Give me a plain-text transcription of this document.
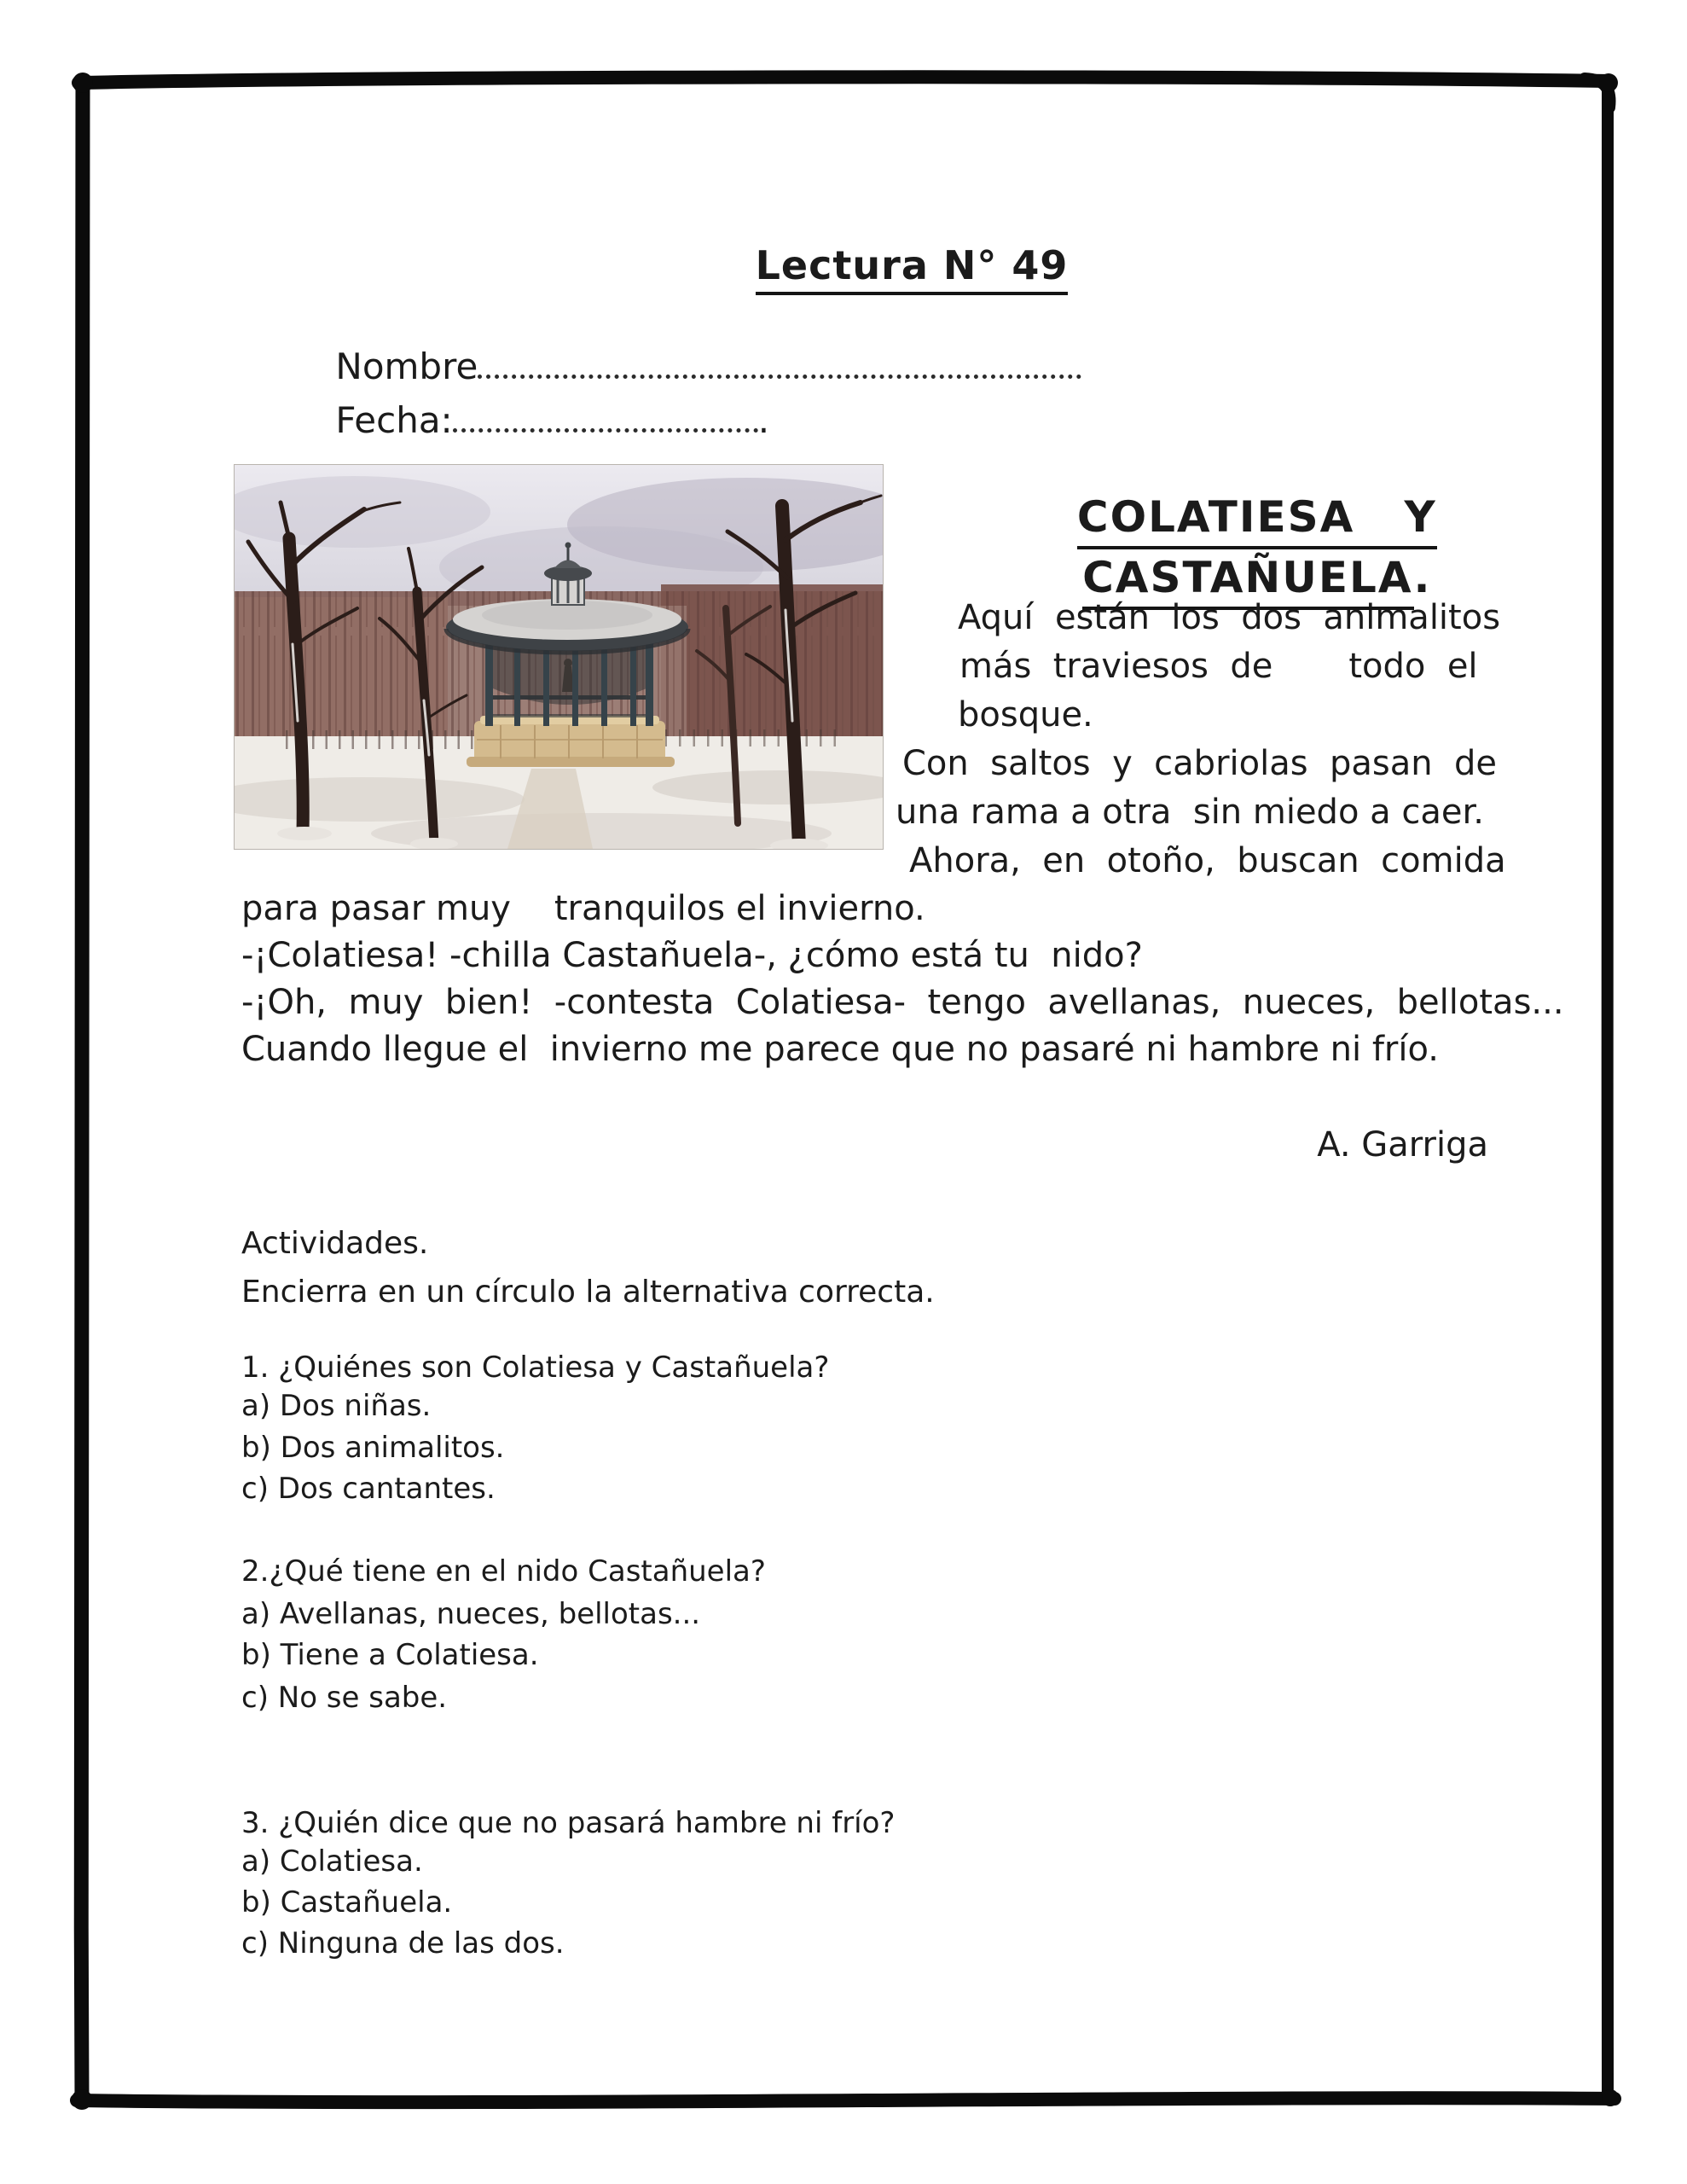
Lectura N° 49

Nombre

Fecha:	.

COLATIESA   Y

CASTAÑUELA.

Aquí  están  los  dos  animalitos
más  traviesos  de       todo  el
bosque.
Con  saltos  y  cabriolas  pasan  de
una rama a otra  sin miedo a caer.
Ahora,  en  otoño,  buscan  comida
para pasar muy    tranquilos el invierno.
-¡Colatiesa! -chilla Castañuela-, ¿cómo está tu  nido?
-¡Oh,  muy  bien!  -contesta  Colatiesa-  tengo  avellanas,  nueces,  bellotas...
Cuando llegue el  invierno me parece que no pasaré ni hambre ni frío.
A. Garriga
Actividades.
Encierra en un círculo la alternativa correcta.
1. ¿Quiénes son Colatiesa y Castañuela?
a) Dos niñas.
b) Dos animalitos.
c) Dos cantantes.
2.¿Qué tiene en el nido Castañuela?
a) Avellanas, nueces, bellotas...
b) Tiene a Colatiesa.
c) No se sabe.
3. ¿Quién dice que no pasará hambre ni frío?
a) Colatiesa.
b) Castañuela.
c) Ninguna de las dos.
